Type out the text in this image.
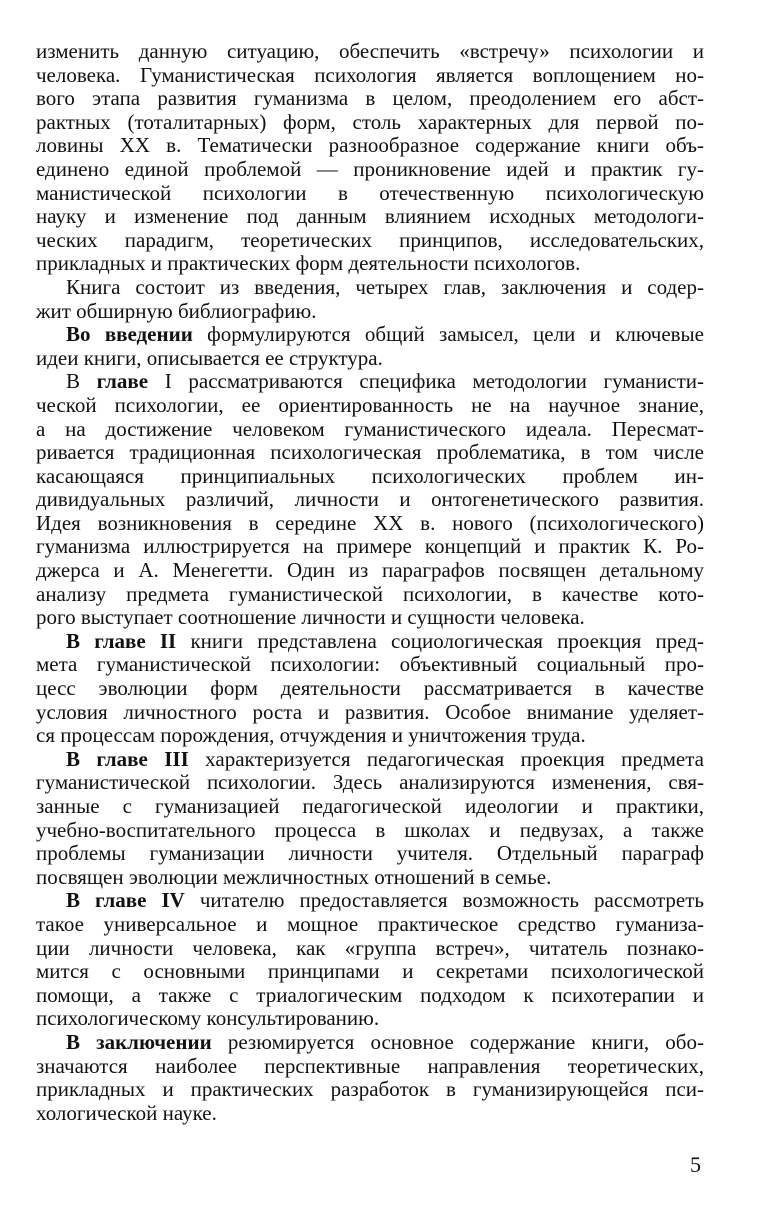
изменить данную ситуацию, обеспечить «встречу» психологии и
человека. Гуманистическая психология является воплощением но-
вого этапа развития гуманизма в целом, преодолением его абст-
рактных (тоталитарных) форм, столь характерных для первой по-
ловины XX в. Тематически разнообразное содержание книги объ-
единено единой проблемой — проникновение идей и практик гу-
манистической психологии в отечественную психологическую
науку и изменение под данным влиянием исходных методологи-
ческих парадигм, теоретических принципов, исследовательских,
прикладных и практических форм деятельности психологов.
Книга состоит из введения, четырех глав, заключения и содер-
жит обширную библиографию.
Во введении формулируются общий замысел, цели и ключевые
идеи книги, описывается ее структура.
В главе I рассматриваются специфика методологии гуманисти-
ческой психологии, ее ориентированность не на научное знание,
а на достижение человеком гуманистического идеала. Пересмат-
ривается традиционная психологическая проблематика, в том числе
касающаяся принципиальных психологических проблем ин-
дивидуальных различий, личности и онтогенетического развития.
Идея возникновения в середине XX в. нового (психологического)
гуманизма иллюстрируется на примере концепций и практик К. Ро-
джерса и А. Менегетти. Один из параграфов посвящен детальному
анализу предмета гуманистической психологии, в качестве кото-
рого выступает соотношение личности и сущности человека.
В главе II книги представлена социологическая проекция пред-
мета гуманистической психологии: объективный социальный про-
цесс эволюции форм деятельности рассматривается в качестве
условия личностного роста и развития. Особое внимание уделяет-
ся процессам порождения, отчуждения и уничтожения труда.
В главе III характеризуется педагогическая проекция предмета
гуманистической психологии. Здесь анализируются изменения, свя-
занные с гуманизацией педагогической идеологии и практики,
учебно-воспитательного процесса в школах и педвузах, а также
проблемы гуманизации личности учителя. Отдельный параграф
посвящен эволюции межличностных отношений в семье.
В главе IV читателю предоставляется возможность рассмотреть
такое универсальное и мощное практическое средство гуманиза-
ции личности человека, как «группа встреч», читатель познако-
мится с основными принципами и секретами психологической
помощи, а также с триалогическим подходом к психотерапии и
психологическому консультированию.
В заключении резюмируется основное содержание книги, обо-
значаются наиболее перспективные направления теоретических,
прикладных и практических разработок в гуманизирующейся пси-
хологической науке.
5
